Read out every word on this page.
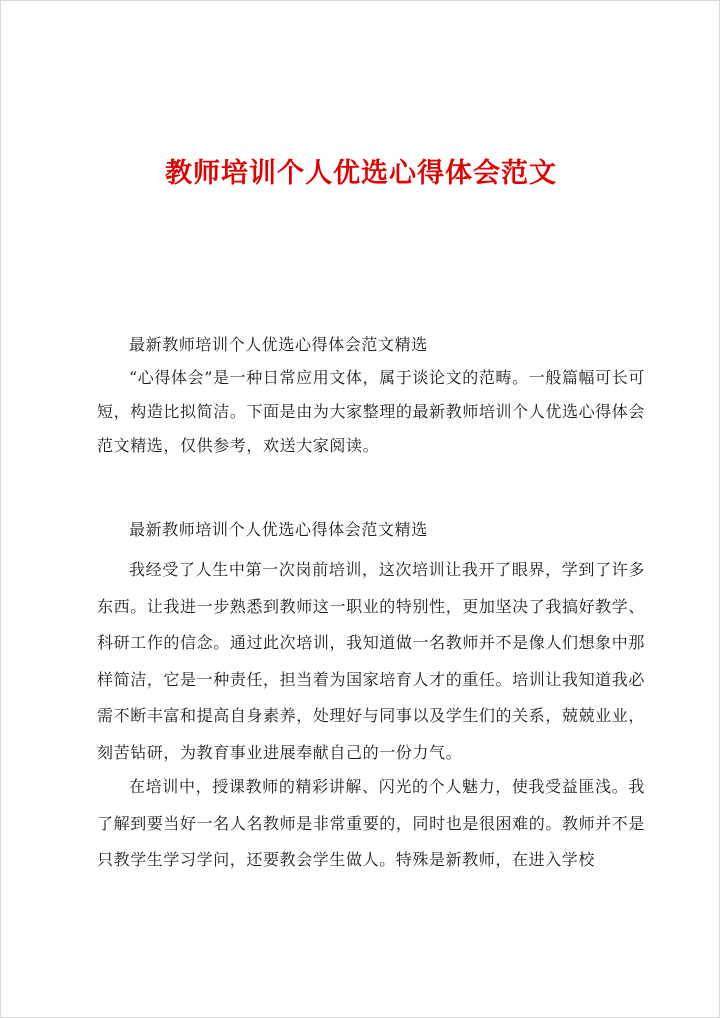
教师培训个人优选心得体会范文
最新教师培训个人优选心得体会范文精选
“心得体会”是一种日常应用文体，属于谈论文的范畴。一般篇幅可长可短，构造比拟简洁。下面是由为大家整理的最新教师培训个人优选心得体会范文精选，仅供参考，欢送大家阅读。
最新教师培训个人优选心得体会范文精选
我经受了人生中第一次岗前培训，这次培训让我开了眼界，学到了许多东西。让我进一步熟悉到教师这一职业的特别性，更加坚决了我搞好教学、科研工作的信念。通过此次培训，我知道做一名教师并不是像人们想象中那样简洁，它是一种责任，担当着为国家培育人才的重任。培训让我知道我必需不断丰富和提高自身素养，处理好与同事以及学生们的关系，兢兢业业，刻苦钻研，为教育事业进展奉献自己的一份力气。
在培训中，授课教师的精彩讲解、闪光的个人魅力，使我受益匪浅。我了解到要当好一名人名教师是非常重要的，同时也是很困难的。教师并不是只教学生学习学问，还要教会学生做人。特殊是新教师，在进入学校
